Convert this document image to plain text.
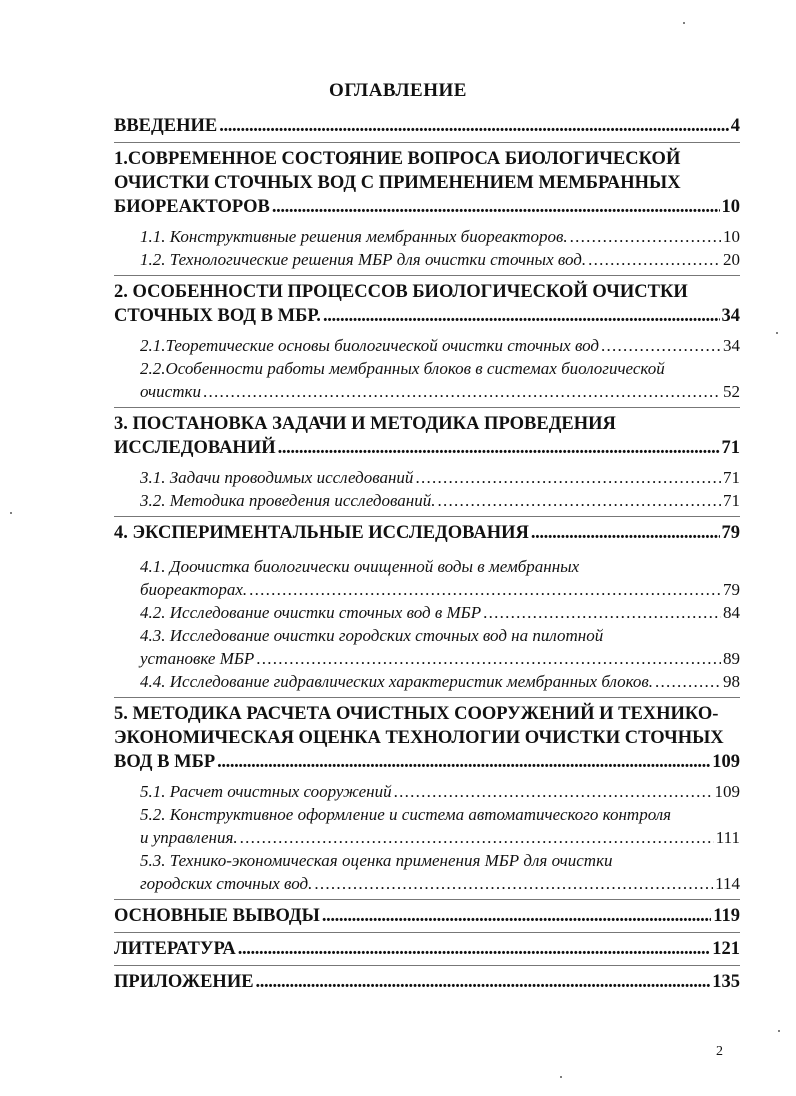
ОГЛАВЛЕНИЕ
ВВЕДЕНИЕ . . .	4
1.СОВРЕМЕННОЕ СОСТОЯНИЕ ВОПРОСА БИОЛОГИЧЕСКОЙ
ОЧИСТКИ СТОЧНЫХ ВОД С ПРИМЕНЕНИЕМ МЕМБРАННЫХ
БИОРЕАКТОРОВ . . .	10
1.1. Конструктивные решения мембранных биореакторов. . . .	10
1.2. Технологические решения МБР для очистки сточных вод. . . .	20
2. ОСОБЕННОСТИ ПРОЦЕССОВ БИОЛОГИЧЕСКОЙ ОЧИСТКИ
СТОЧНЫХ ВОД В МБР. . . .	34
2.1.Теоретические основы биологической очистки сточных вод . . .	34
2.2.Особенности работы мембранных блоков в системах биологической
очистки . . .	52
3. ПОСТАНОВКА ЗАДАЧИ И МЕТОДИКА ПРОВЕДЕНИЯ
ИССЛЕДОВАНИЙ . . .	71
3.1. Задачи проводимых исследований . . .	71
3.2. Методика проведения исследований. . . .	71
4. ЭКСПЕРИМЕНТАЛЬНЫЕ ИССЛЕДОВАНИЯ . . .	79
4.1. Доочистка биологически очищенной воды в мембранных
биореакторах. . . .	79
4.2. Исследование очистки сточных вод в МБР . . .	84
4.3. Исследование очистки городских сточных вод на пилотной
установке МБР . . .	89
4.4. Исследование гидравлических характеристик мембранных блоков. . . .	98
5. МЕТОДИКА РАСЧЕТА ОЧИСТНЫХ СООРУЖЕНИЙ И ТЕХНИКО-
ЭКОНОМИЧЕСКАЯ ОЦЕНКА ТЕХНОЛОГИИ ОЧИСТКИ СТОЧНЫХ
ВОД В МБР . . .	109
5.1. Расчет очистных сооружений . . .	109
5.2. Конструктивное оформление и система автоматического контроля
и управления. . . .	111
5.3. Технико-экономическая оценка применения МБР для очистки
городских сточных вод. . . .	114
ОСНОВНЫЕ ВЫВОДЫ . . .	119
ЛИТЕРАТУРА . . .	121
ПРИЛОЖЕНИЕ . . .	135
2
